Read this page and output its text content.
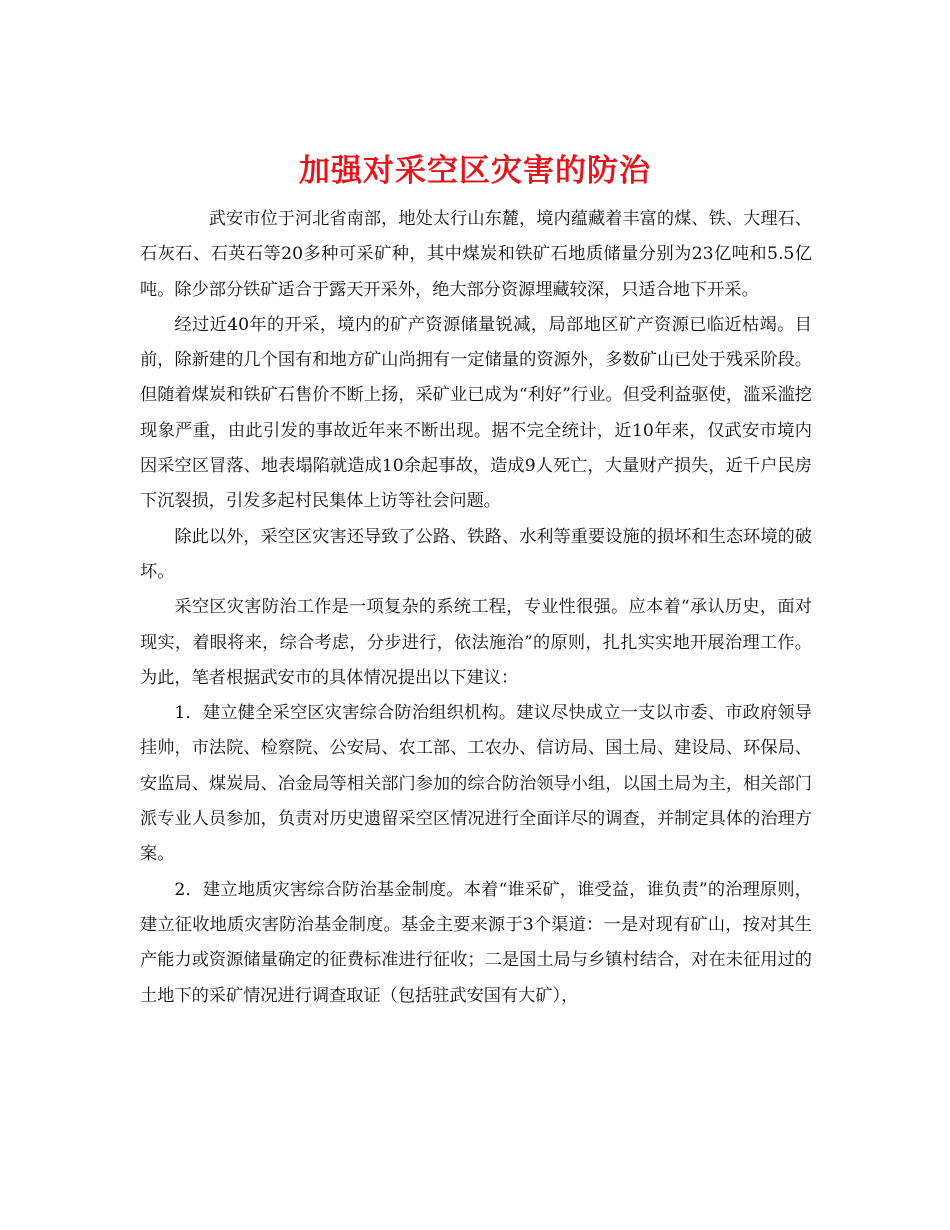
加强对采空区灾害的防治

武安市位于河北省南部，地处太行山东麓，境内蕴藏着丰富的煤、铁、大理石、石灰石、石英石等20多种可采矿种，其中煤炭和铁矿石地质储量分别为23亿吨和5.5亿吨。除少部分铁矿适合于露天开采外，绝大部分资源埋藏较深，只适合地下开采。

经过近40年的开采，境内的矿产资源储量锐减，局部地区矿产资源已临近枯竭。目前，除新建的几个国有和地方矿山尚拥有一定储量的资源外，多数矿山已处于残采阶段。但随着煤炭和铁矿石售价不断上扬，采矿业已成为“利好”行业。但受利益驱使，滥采滥挖现象严重，由此引发的事故近年来不断出现。据不完全统计，近10年来，仅武安市境内因采空区冒落、地表塌陷就造成10余起事故，造成9人死亡，大量财产损失，近千户民房下沉裂损，引发多起村民集体上访等社会问题。

除此以外，采空区灾害还导致了公路、铁路、水利等重要设施的损坏和生态环境的破坏。

采空区灾害防治工作是一项复杂的系统工程，专业性很强。应本着“承认历史，面对现实，着眼将来，综合考虑，分步进行，依法施治”的原则，扎扎实实地开展治理工作。为此，笔者根据武安市的具体情况提出以下建议：

1．建立健全采空区灾害综合防治组织机构。建议尽快成立一支以市委、市政府领导挂帅，市法院、检察院、公安局、农工部、工农办、信访局、国土局、建设局、环保局、安监局、煤炭局、冶金局等相关部门参加的综合防治领导小组，以国土局为主，相关部门派专业人员参加，负责对历史遗留采空区情况进行全面详尽的调查，并制定具体的治理方案。

2．建立地质灾害综合防治基金制度。本着“谁采矿，谁受益，谁负责”的治理原则，建立征收地质灾害防治基金制度。基金主要来源于3个渠道：一是对现有矿山，按对其生产能力或资源储量确定的征费标准进行征收；二是国土局与乡镇村结合，对在未征用过的土地下的采矿情况进行调查取证（包括驻武安国有大矿），
